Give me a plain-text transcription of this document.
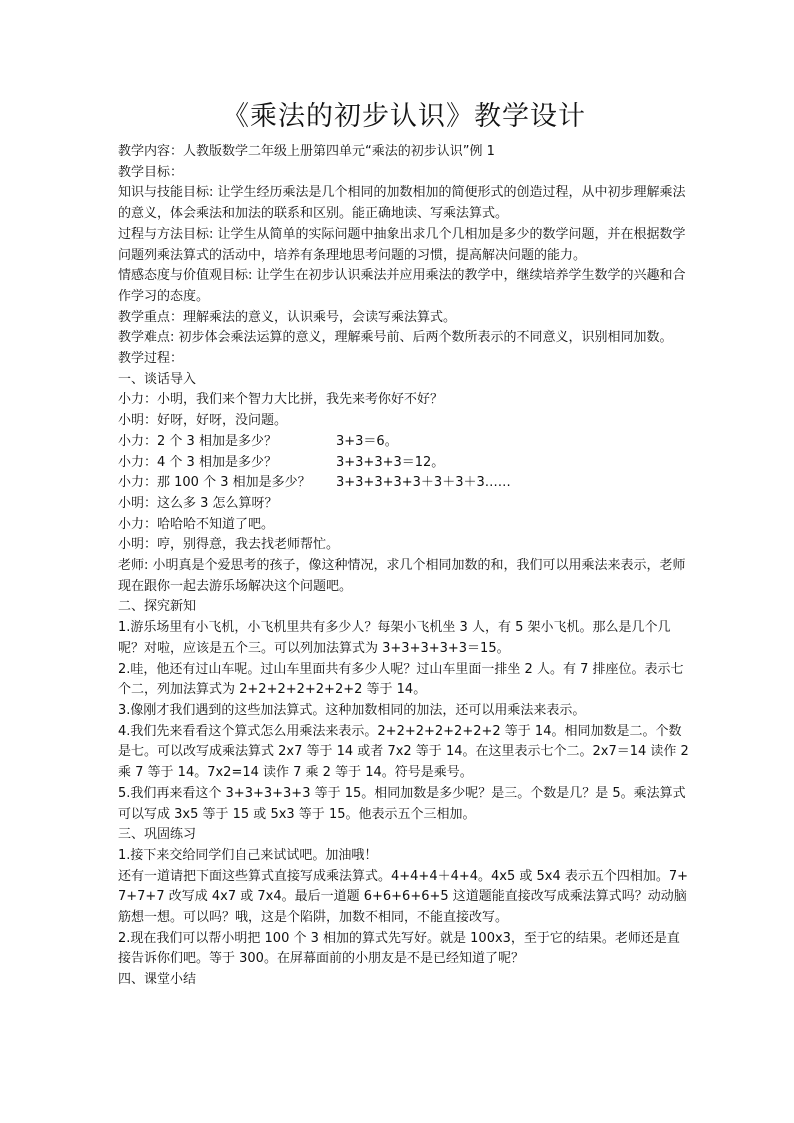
《乘法的初步认识》教学设计

教学内容：人教版数学二年级上册第四单元“乘法的初步认识”例 1

教学目标：

知识与技能目标: 让学生经历乘法是几个相同的加数相加的简便形式的创造过程，从中初步理解乘法的意义，体会乘法和加法的联系和区别。能正确地读、写乘法算式。

过程与方法目标: 让学生从简单的实际问题中抽象出求几个几相加是多少的数学问题，并在根据数学问题列乘法算式的活动中，培养有条理地思考问题的习惯，提高解决问题的能力。

情感态度与价值观目标: 让学生在初步认识乘法并应用乘法的教学中，继续培养学生数学的兴趣和合作学习的态度。

教学重点：理解乘法的意义，认识乘号，会读写乘法算式。

教学难点: 初步体会乘法运算的意义，理解乘号前、后两个数所表示的不同意义，识别相同加数。

教学过程：

一、谈话导入

小力：小明，我们来个智力大比拼，我先来考你好不好？
小明：好呀，好呀，没问题。
小力：2 个 3 相加是多少？	3+3＝6。
小力：4 个 3 相加是多少？	3+3+3+3＝12。
小力：那 100 个 3 相加是多少？	3+3+3+3+3＋3＋3＋3……
小明：这么多 3 怎么算呀？
小力：哈哈哈不知道了吧。
小明：哼，别得意，我去找老师帮忙。

老师: 小明真是个爱思考的孩子，像这种情况，求几个相同加数的和，我们可以用乘法来表示，老师现在跟你一起去游乐场解决这个问题吧。

二、探究新知

1.游乐场里有小飞机，小飞机里共有多少人？每架小飞机坐 3 人，有 5 架小飞机。那么是几个几呢？对啦，应该是五个三。可以列加法算式为 3+3+3+3+3＝15。

2.哇，他还有过山车呢。过山车里面共有多少人呢？过山车里面一排坐 2 人。有 7 排座位。表示七个二，列加法算式为 2+2+2+2+2+2+2 等于 14。

3.像刚才我们遇到的这些加法算式。这种加数相同的加法，还可以用乘法来表示。

4.我们先来看看这个算式怎么用乘法来表示。2+2+2+2+2+2+2 等于 14。相同加数是二。个数是七。可以改写成乘法算式 2x7 等于 14 或者 7x2 等于 14。在这里表示七个二。2x7＝14 读作 2 乘 7 等于 14。7x2=14 读作 7 乘 2 等于 14。符号是乘号。

5.我们再来看这个 3+3+3+3+3 等于 15。相同加数是多少呢？是三。个数是几？是 5。乘法算式可以写成 3x5 等于 15 或 5x3 等于 15。他表示五个三相加。

三、巩固练习

1.接下来交给同学们自己来试试吧。加油哦！

还有一道请把下面这些算式直接写成乘法算式。4+4+4＋4+4。4x5 或 5x4 表示五个四相加。7+7+7+7 改写成 4x7 或 7x4。最后一道题 6+6+6+6+5 这道题能直接改写成乘法算式吗？动动脑筋想一想。可以吗？哦，这是个陷阱，加数不相同，不能直接改写。

2.现在我们可以帮小明把 100 个 3 相加的算式先写好。就是 100x3，至于它的结果。老师还是直接告诉你们吧。等于 300。在屏幕面前的小朋友是不是已经知道了呢？

四、课堂小结
